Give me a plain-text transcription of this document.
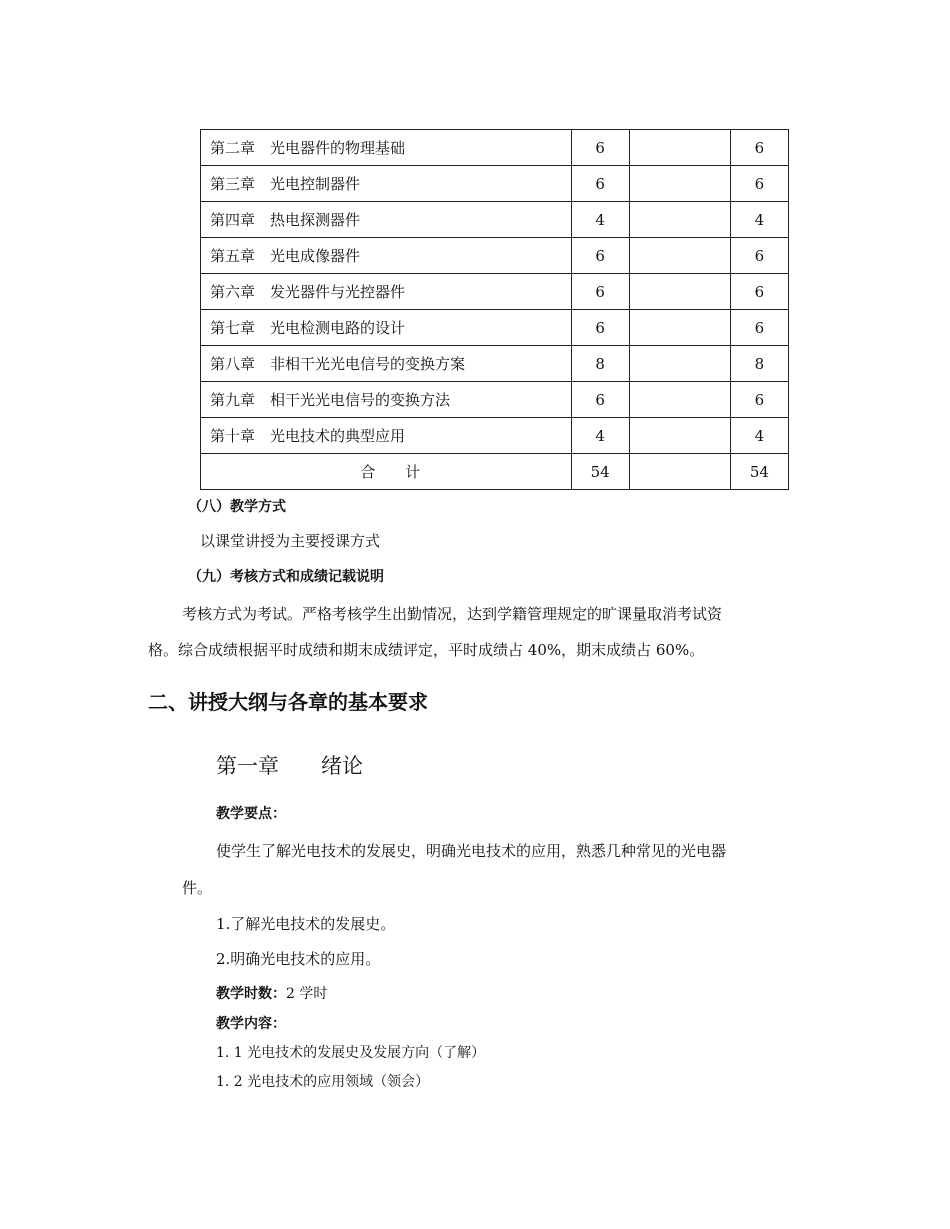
第二章　光电器件的物理基础	6		6
第三章　光电控制器件	6		6
第四章　热电探测器件	4		4
第五章　光电成像器件	6		6
第六章　发光器件与光控器件	6		6
第七章　光电检测电路的设计	6		6
第八章　非相干光光电信号的变换方案	8		8
第九章　相干光光电信号的变换方法	6		6
第十章　光电技术的典型应用	4		4
合　　计	54		54
（八）教学方式
以课堂讲授为主要授课方式
（九）考核方式和成绩记载说明
考核方式为考试。严格考核学生出勤情况，达到学籍管理规定的旷课量取消考试资
格。综合成绩根据平时成绩和期末成绩评定，平时成绩占 40%，期末成绩占 60%。
二、讲授大纲与各章的基本要求
第一章　　绪论
教学要点：
使学生了解光电技术的发展史，明确光电技术的应用，熟悉几种常见的光电器
件。
1.了解光电技术的发展史。
2.明确光电技术的应用。
教学时数：2 学时
教学内容：
1. 1 光电技术的发展史及发展方向（了解）
1. 2 光电技术的应用领域（领会）
